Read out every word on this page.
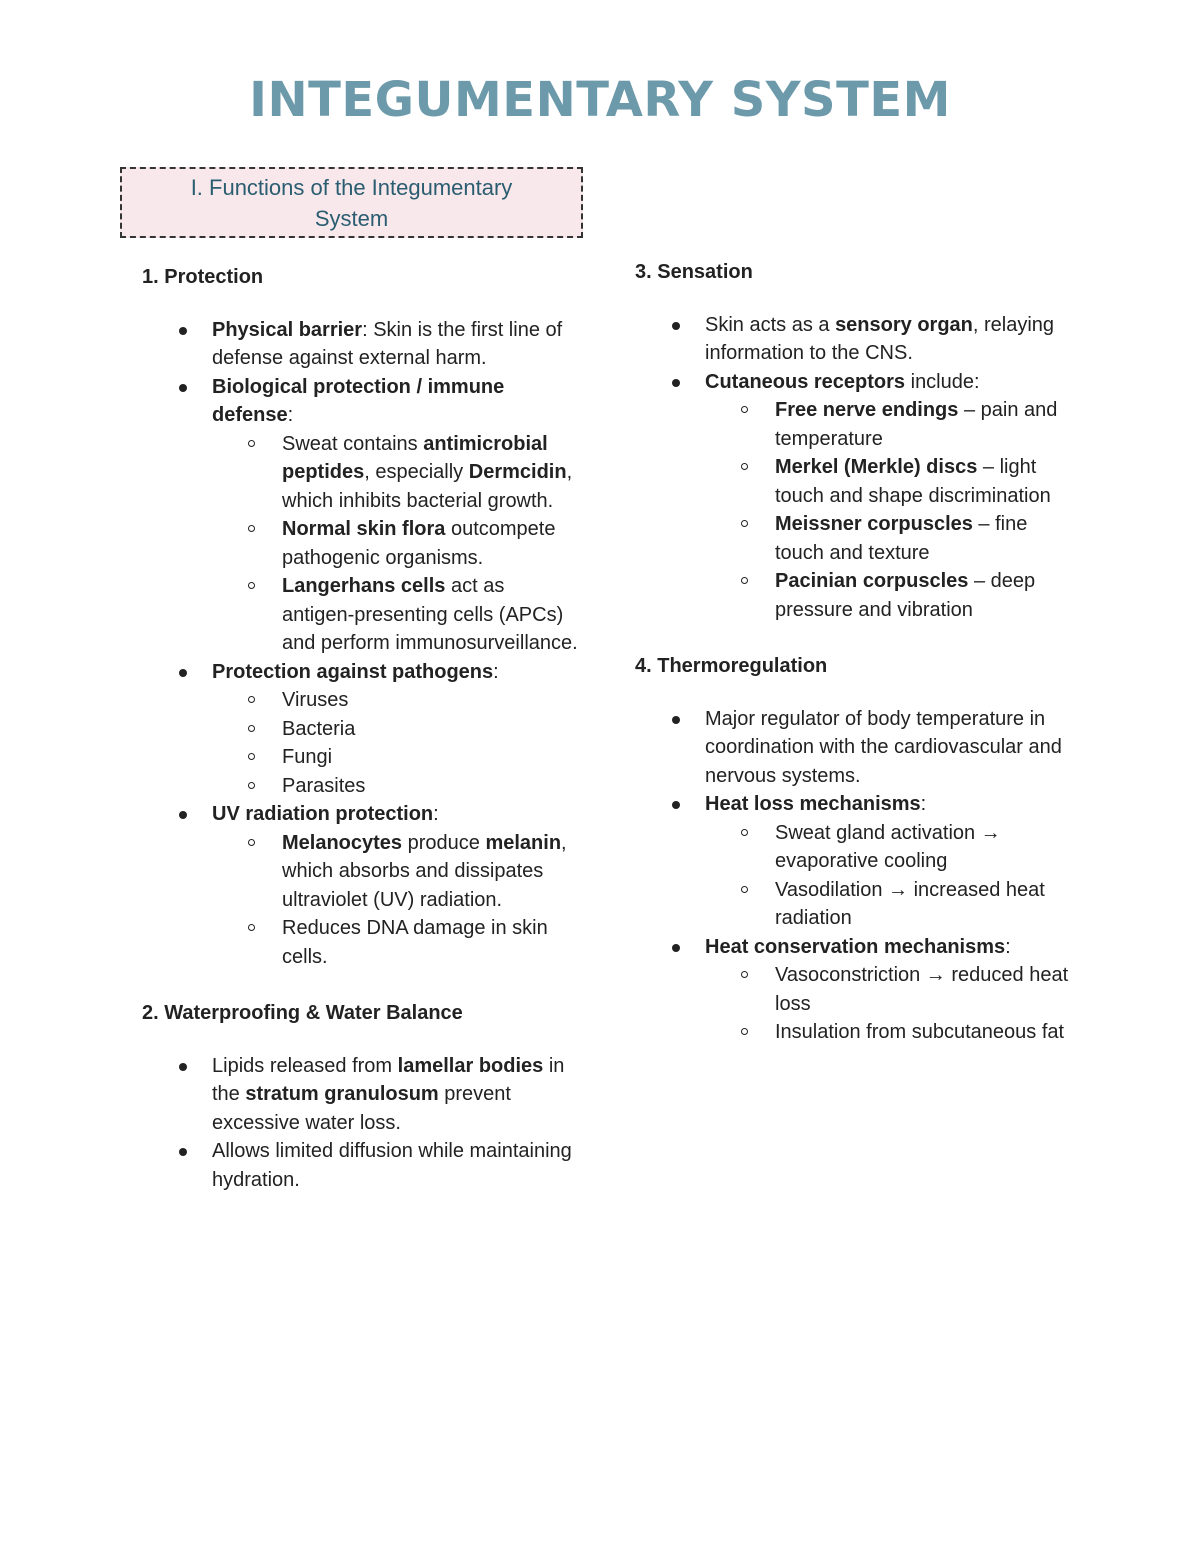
INTEGUMENTARY SYSTEM
I. Functions of the Integumentary
System

1. Protection

Physical barrier: Skin is the first line of defense against external harm.
Biological protection / immune defense:
Sweat contains antimicrobial peptides, especially Dermcidin, which inhibits bacterial growth.
Normal skin flora outcompete pathogenic organisms.
Langerhans cells act as antigen-presenting cells (APCs) and perform immunosurveillance.
Protection against pathogens:
Viruses
Bacteria
Fungi
Parasites
UV radiation protection:
Melanocytes produce melanin, which absorbs and dissipates ultraviolet (UV) radiation.
Reduces DNA damage in skin cells.

2. Waterproofing & Water Balance

Lipids released from lamellar bodies in the stratum granulosum prevent excessive water loss.
Allows limited diffusion while maintaining hydration.

3. Sensation

Skin acts as a sensory organ, relaying information to the CNS.
Cutaneous receptors include:
Free nerve endings – pain and temperature
Merkel (Merkle) discs – light touch and shape discrimination
Meissner corpuscles – fine touch and texture
Pacinian corpuscles – deep pressure and vibration

4. Thermoregulation

Major regulator of body temperature in coordination with the cardiovascular and nervous systems.
Heat loss mechanisms:
Sweat gland activation → evaporative cooling
Vasodilation → increased heat radiation
Heat conservation mechanisms:
Vasoconstriction → reduced heat loss
Insulation from subcutaneous fat
